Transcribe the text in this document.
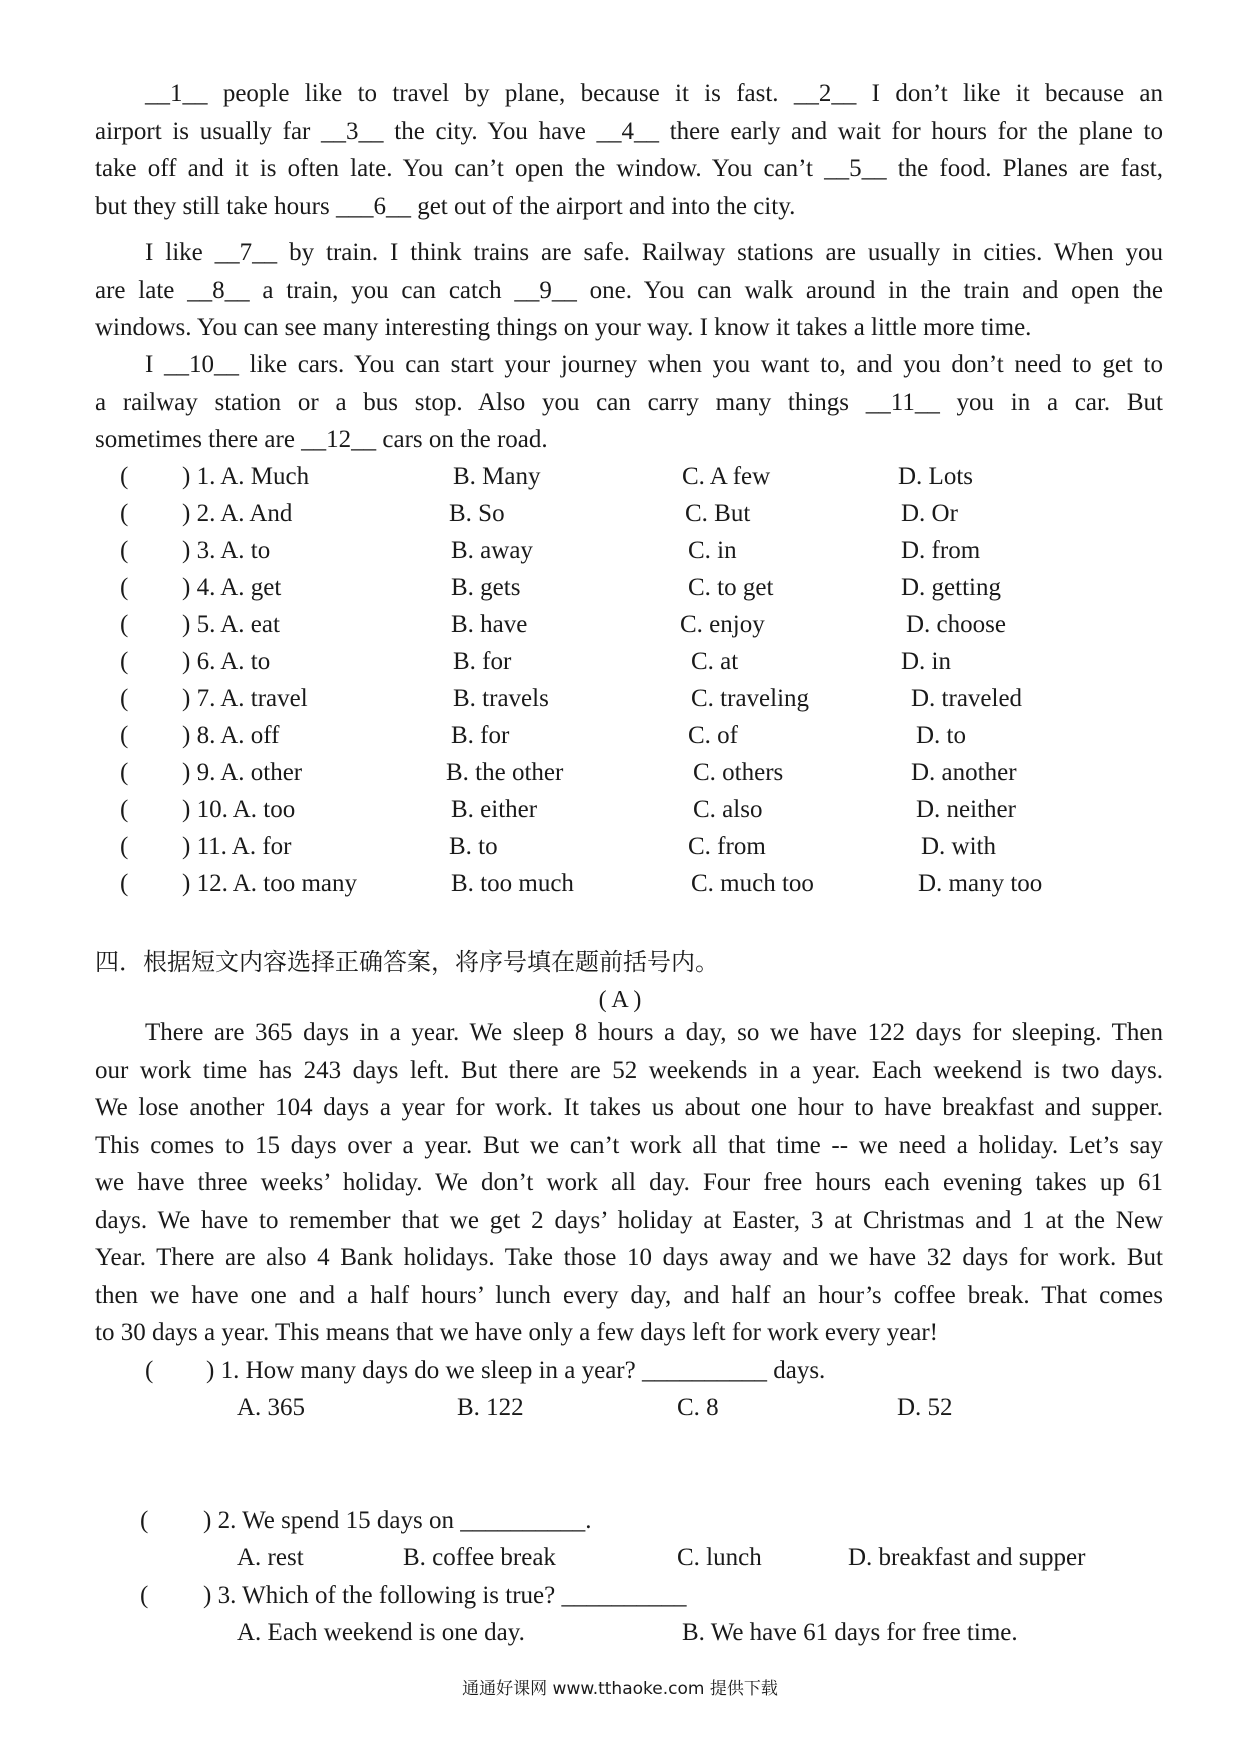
__1__ people like to travel by plane, because it is fast. __2__ I don’t like it because an
airport is usually far __3__ the city. You have __4__ there early and wait for hours for the plane to
take off and it is often late. You can’t open the window. You can’t __5__ the food. Planes are fast,
but they still take hours ___6__ get out of the airport and into the city.
I like __7__ by train. I think trains are safe. Railway stations are usually in cities. When you
are late __8__ a train, you can catch __9__ one. You can walk around in the train and open the
windows. You can see many interesting things on your way. I know it takes a little more time.
I __10__ like cars. You can start your journey when you want to, and you don’t need to get to
a railway station or a bus stop. Also you can carry many things __11__ you in a car. But
sometimes there are __12__ cars on the road.
( ) 1. A. Much	B. Many	C. A few	D. Lots
( ) 2. A. And	B. So	C. But	D. Or
( ) 3. A. to	B. away	C. in	D. from
( ) 4. A. get	B. gets	C. to get	D. getting
( ) 5. A. eat	B. have	C. enjoy	D. choose
( ) 6. A. to	B. for	C. at	D. in
( ) 7. A. travel	B. travels	C. traveling	D. traveled
( ) 8. A. off	B. for	C. of	D. to
( ) 9. A. other	B. the other	C. others	D. another
( ) 10. A. too	B. either	C. also	D. neither
( ) 11. A. for	B. to	C. from	D. with
( ) 12. A. too many	B. too much	C. much too	D. many too
四．根据短文内容选择正确答案，将序号填在题前括号内。
( A )
There are 365 days in a year. We sleep 8 hours a day, so we have 122 days for sleeping. Then
our work time has 243 days left. But there are 52 weekends in a year. Each weekend is two days.
We lose another 104 days a year for work. It takes us about one hour to have breakfast and supper.
This comes to 15 days over a year. But we can’t work all that time -- we need a holiday. Let’s say
we have three weeks’ holiday. We don’t work all day. Four free hours each evening takes up 61
days. We have to remember that we get 2 days’ holiday at Easter, 3 at Christmas and 1 at the New
Year. There are also 4 Bank holidays. Take those 10 days away and we have 32 days for work. But
then we have one and a half hours’ lunch every day, and half an hour’s coffee break. That comes
to 30 days a year. This means that we have only a few days left for work every year!
( ) 1. How many days do we sleep in a year? __________ days.
A. 365	B. 122	C. 8	D. 52
( ) 2. We spend 15 days on __________.
A. rest	B. coffee break	C. lunch	D. breakfast and supper
( ) 3. Which of the following is true? __________
A. Each weekend is one day.	B. We have 61 days for free time.
通通好课网 www.tthaoke.com 提供下载
